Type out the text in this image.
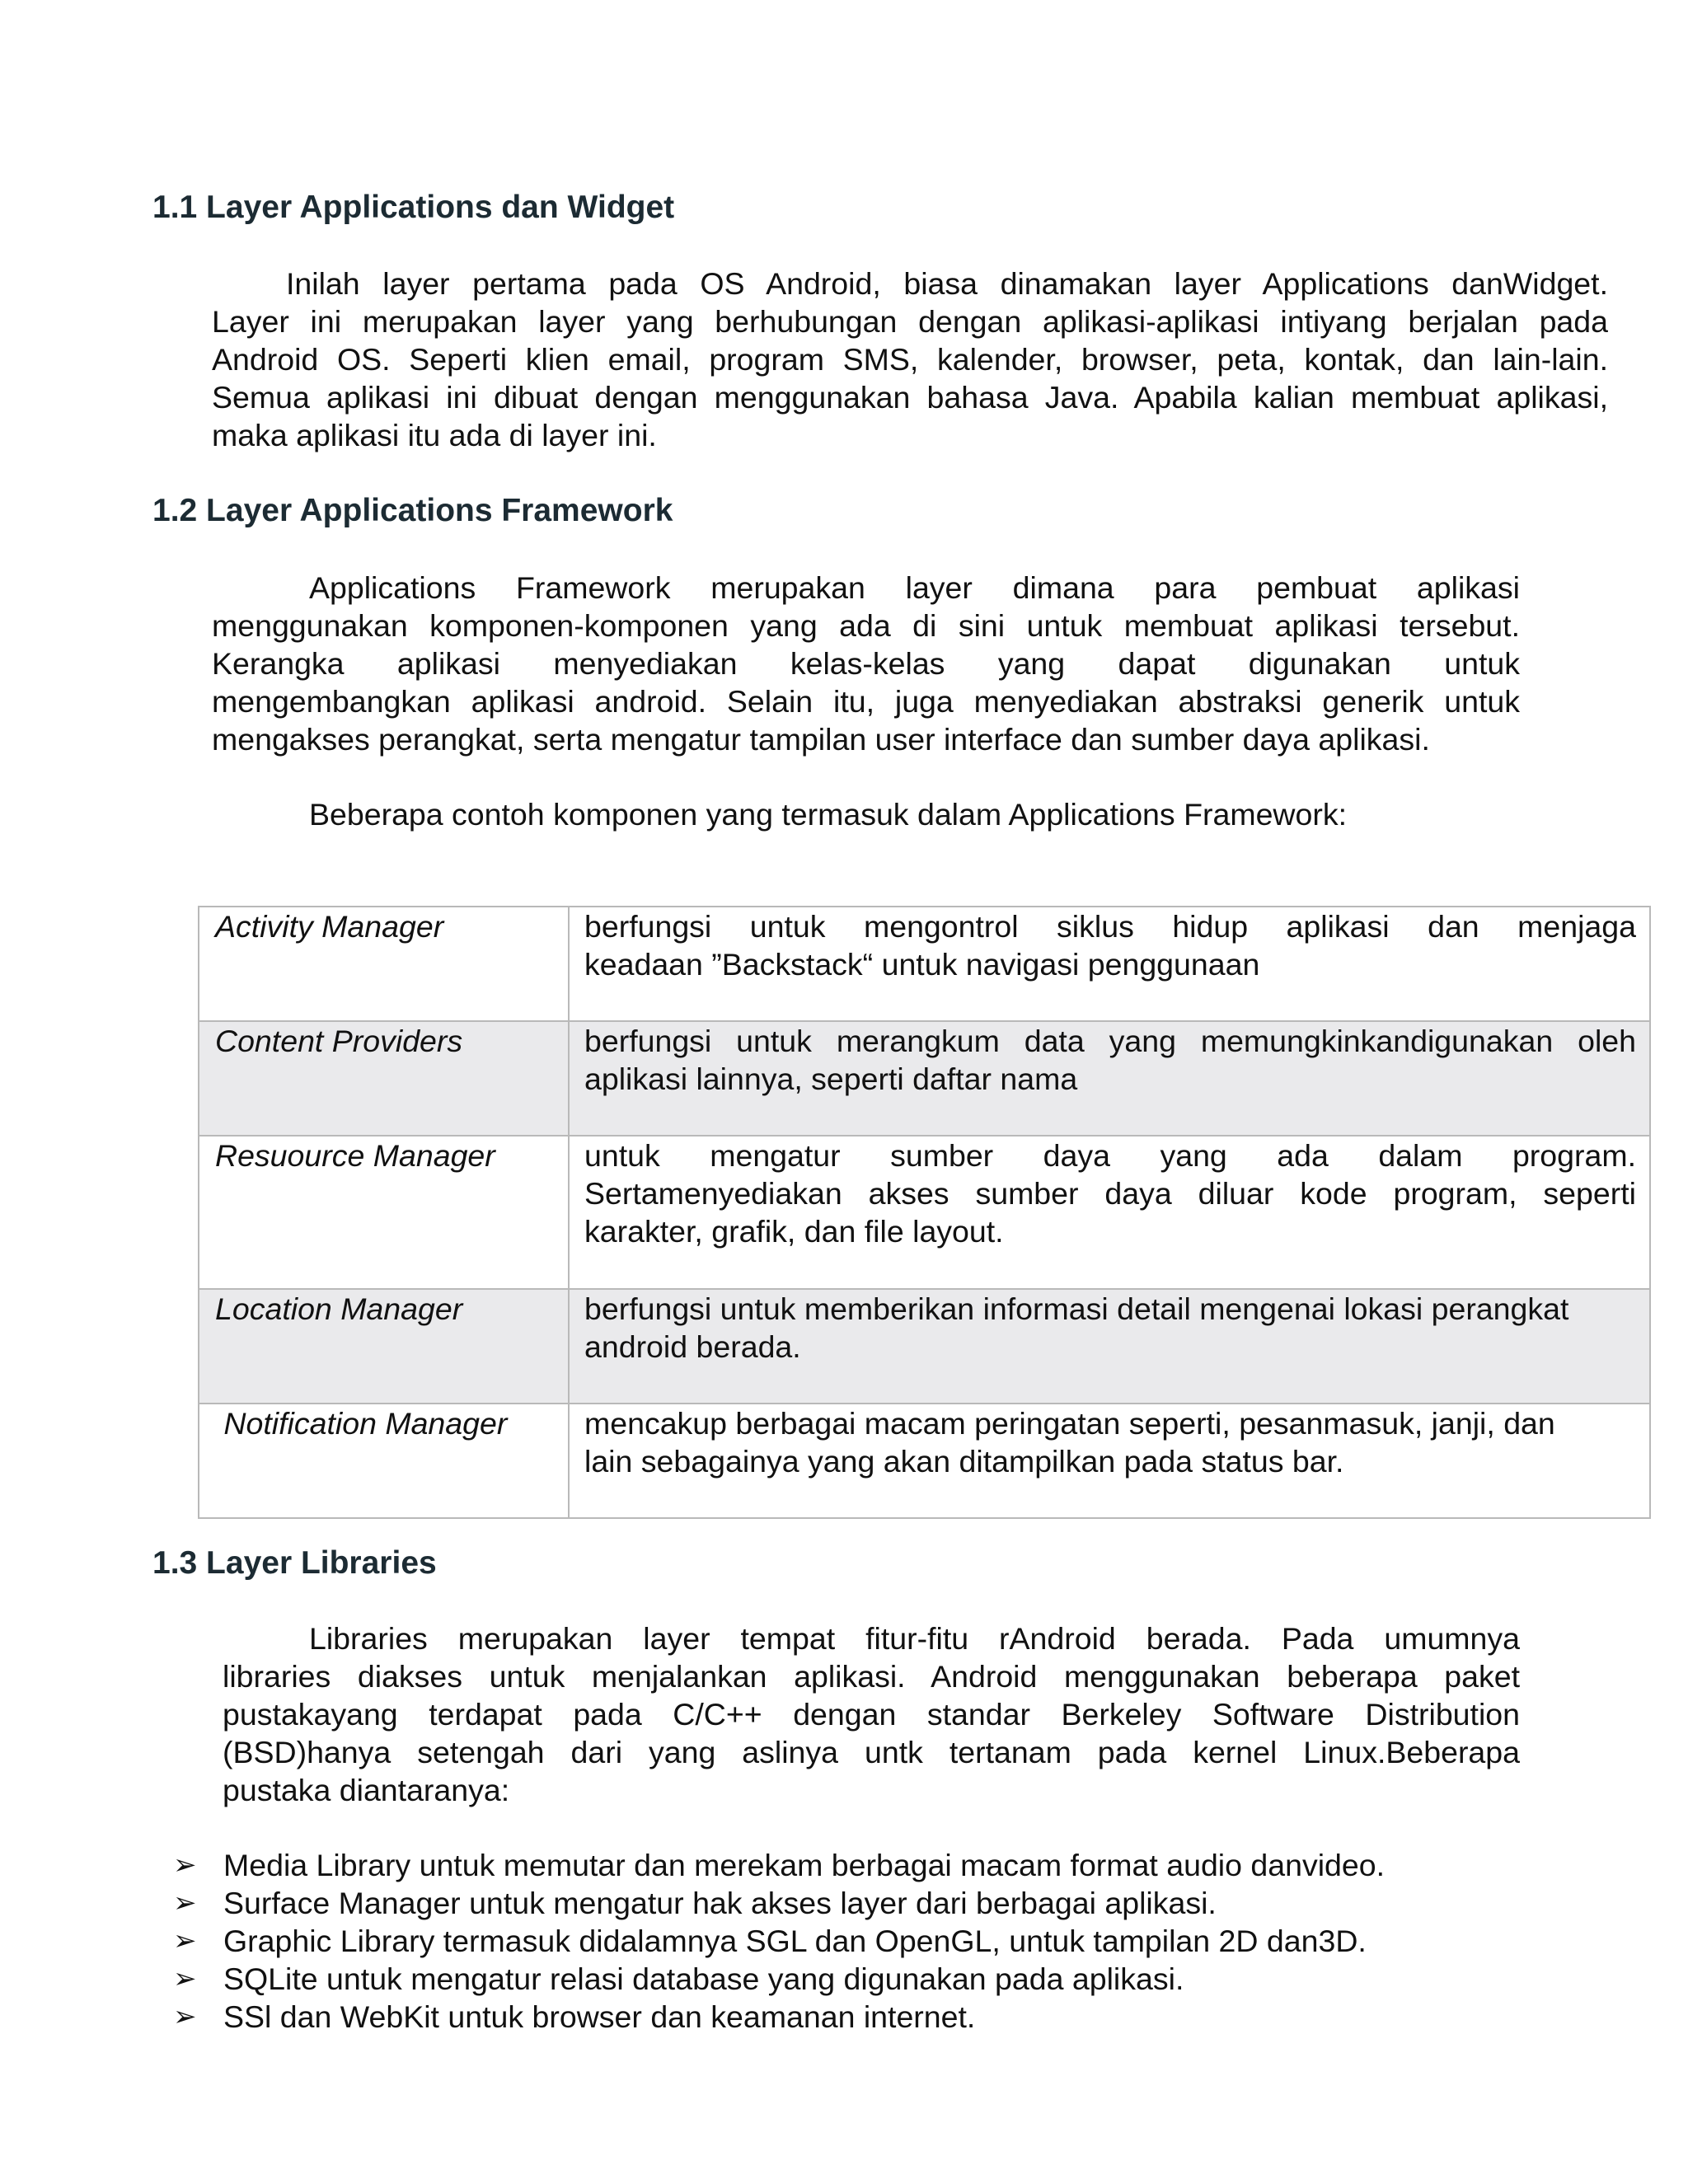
1.1 Layer Applications dan Widget
Inilah layer pertama pada OS Android, biasa dinamakan layer Applications danWidget.
Layer ini merupakan layer yang berhubungan dengan aplikasi-aplikasi intiyang berjalan pada
Android OS. Seperti klien email, program SMS, kalender, browser, peta, kontak, dan lain-lain.
Semua aplikasi ini dibuat dengan menggunakan bahasa Java. Apabila kalian membuat aplikasi,
maka aplikasi itu ada di layer ini.
1.2 Layer Applications Framework
Applications Framework merupakan layer dimana para pembuat aplikasi
menggunakan komponen-komponen yang ada di sini untuk membuat aplikasi tersebut.
Kerangka aplikasi menyediakan kelas-kelas yang dapat digunakan untuk
mengembangkan aplikasi android. Selain itu, juga menyediakan abstraksi generik untuk
mengakses perangkat, serta mengatur tampilan user interface dan sumber daya aplikasi.

Beberapa contoh komponen yang termasuk dalam Applications Framework:

Activity Manager	berfungsi untuk mengontrol siklus hidup aplikasi dan menjaga
keadaan ”Backstack“ untuk navigasi penggunaan

Content Providers	berfungsi untuk merangkum data yang memungkinkandigunakan oleh
aplikasi lainnya, seperti daftar nama

Resuource Manager	untuk mengatur sumber daya yang ada dalam program.
Sertamenyediakan akses sumber daya diluar kode program, seperti
karakter, grafik, dan file layout.

Location Manager	berfungsi untuk memberikan informasi detail mengenai lokasi perangkat
android berada.

Notification Manager	mencakup berbagai macam peringatan seperti, pesanmasuk, janji, dan
lain sebagainya yang akan ditampilkan pada status bar.
1.3 Layer Libraries
Libraries merupakan layer tempat fitur-fitu rAndroid berada. Pada umumnya
libraries diakses untuk menjalankan aplikasi. Android menggunakan beberapa paket
pustakayang terdapat pada C/C++ dengan standar Berkeley Software Distribution
(BSD)hanya setengah dari yang aslinya untk tertanam pada kernel Linux.Beberapa
pustaka diantaranya:
➢ Media Library untuk memutar dan merekam berbagai macam format audio danvideo.
➢ Surface Manager untuk mengatur hak akses layer dari berbagai aplikasi.
➢ Graphic Library termasuk didalamnya SGL dan OpenGL, untuk tampilan 2D dan3D.
➢ SQLite untuk mengatur relasi database yang digunakan pada aplikasi.
➢ SSl dan WebKit untuk browser dan keamanan internet.
